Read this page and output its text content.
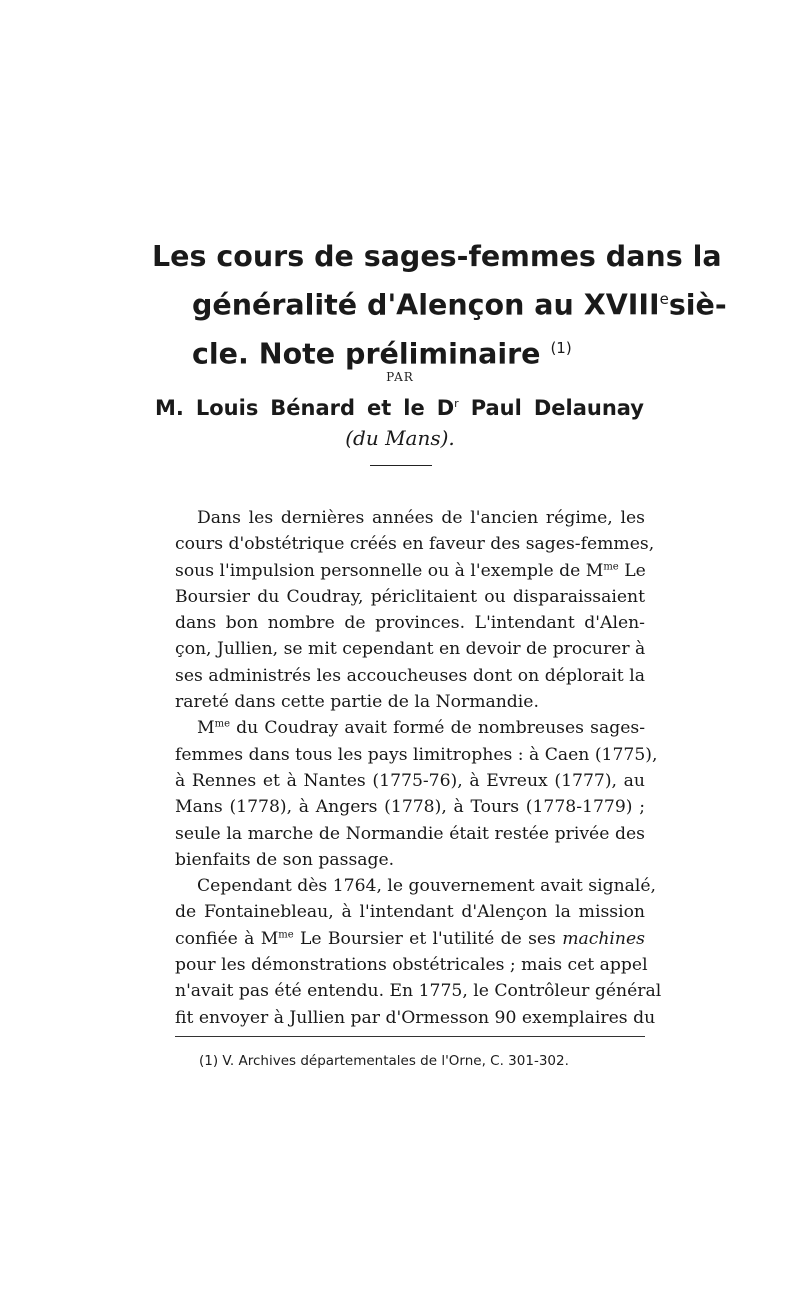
Les cours de sages-femmes dans la
généralité d'Alençon au XVIIIesiè-
cle. Note préliminaire $^{(1)}$
PAR
M. Louis Bénard et le $D^r$ Paul Delaunay
(du Mans).
Dans les dernières années de l'ancien régime, les
cours d'obstétrique créés en faveur des sages-femmes,
sous l'impulsion personnelle ou à l'exemple de $M^{me}$ Le
Boursier du Coudray, périclitaient ou disparaissaient
dans bon nombre de provinces. L'intendant d'Alen-
çon, Jullien, se mit cependant en devoir de procurer à
ses administrés les accoucheuses dont on déplorait la
rareté dans cette partie de la Normandie.
$M^{me}$ du Coudray avait formé de nombreuses sages-
femmes dans tous les pays limitrophes : à Caen (1775),
à Rennes et à Nantes (1775-76), à Evreux (1777), au
Mans (1778), à Angers (1778), à Tours (1778-1779) ;
seule la marche de Normandie était restée privée des
bienfaits de son passage.
Cependant dès 1764, le gouvernement avait signalé,
de Fontainebleau, à l'intendant d'Alençon la mission
confiée à $M^{me}$ Le Boursier et l'utilité de ses machines
pour les démonstrations obstétricales ; mais cet appel
n'avait pas été entendu. En 1775, le Contrôleur général
fit envoyer à Jullien par d'Ormesson 90 exemplaires du
(1) V. Archives départementales de l'Orne, C. 301-302.
